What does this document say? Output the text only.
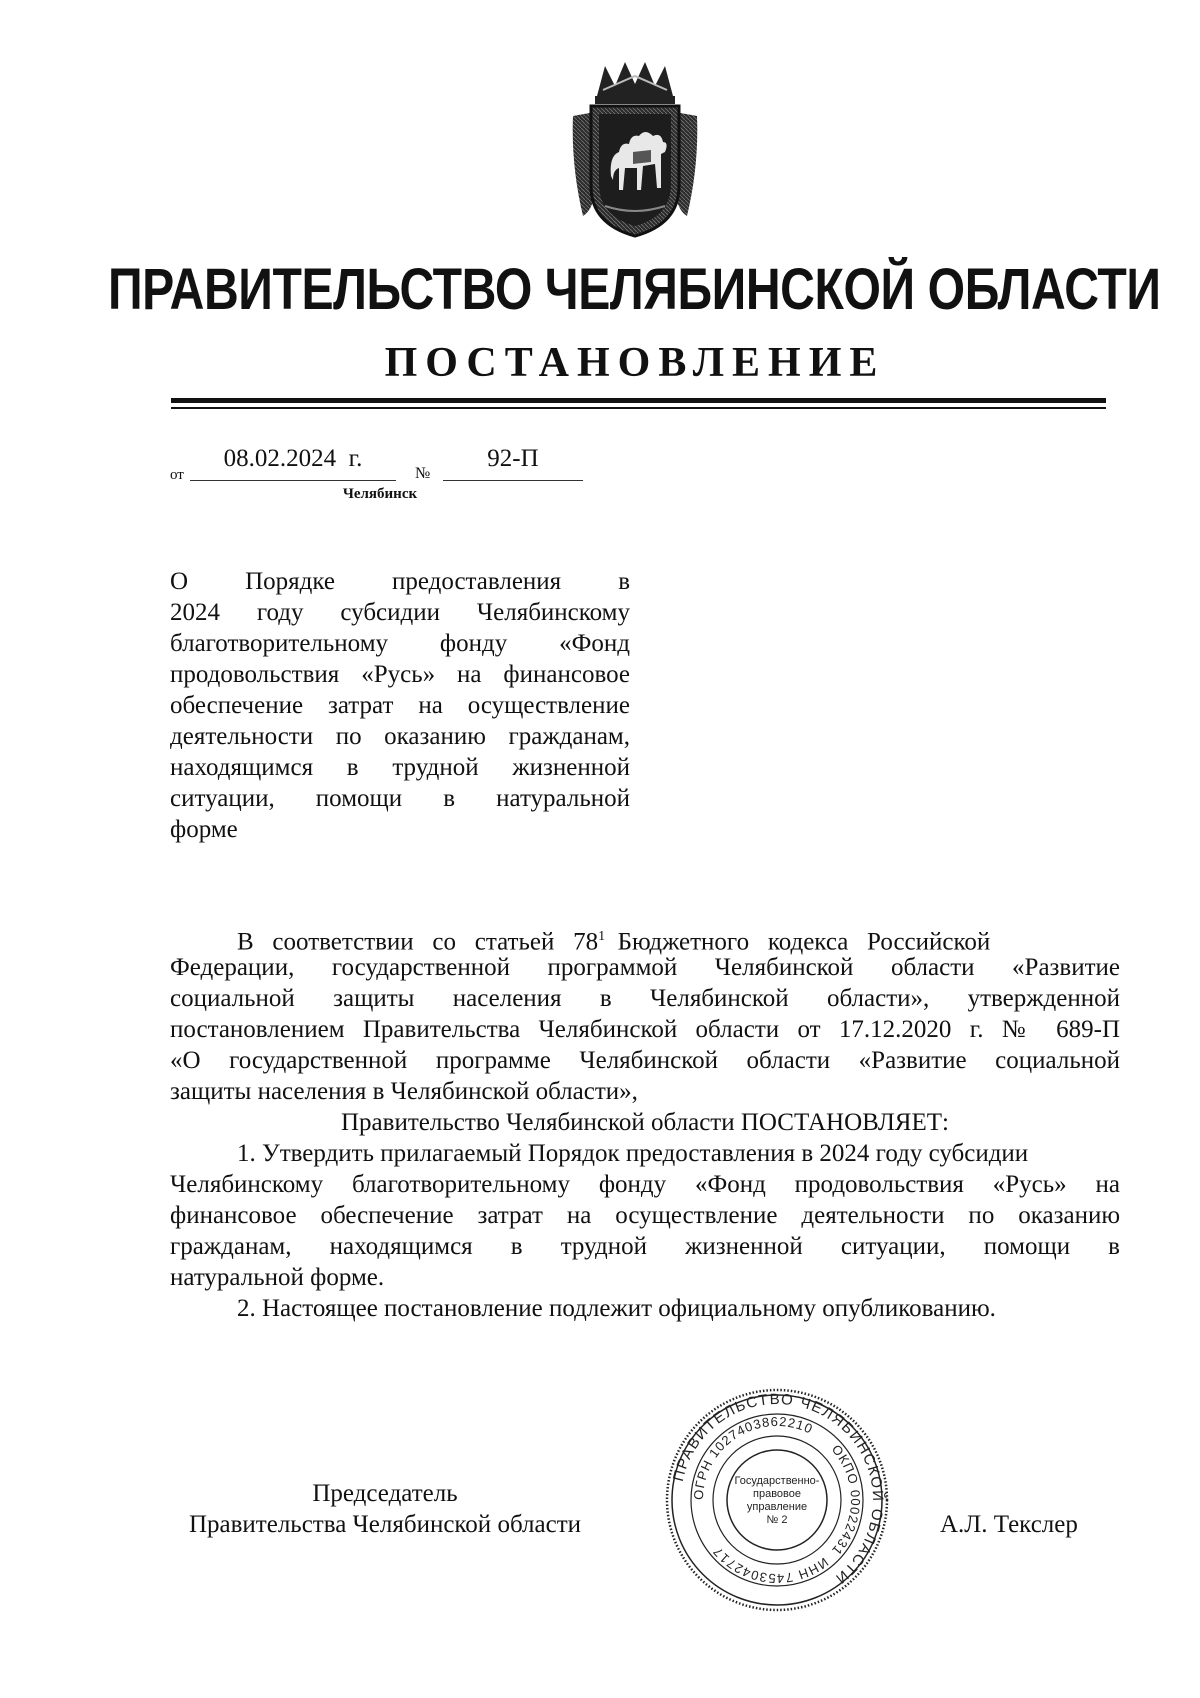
ПРАВИТЕЛЬСТВО ЧЕЛЯБИНСКОЙ ОБЛАСТИ
ПОСТАНОВЛЕНИЕ
от
08.02.2024  г.
№
92-П
Челябинск
О      Порядке      предоставления      в
2024  году  субсидии  Челябинскому
благотворительному      фонду      «Фонд
продовольствия «Русь» на финансовое
обеспечение затрат на осуществление
деятельности по оказанию гражданам,
находящимся   в   трудной   жизненной
ситуации,    помощи    в    натуральной
форме
В   соответствии   со   статьей   $78^1$  Бюджетного   кодекса   Российской
Федерации, государственной программой Челябинской области «Развитие
социальной   защиты   населения   в   Челябинской   области»,   утвержденной
постановлением Правительства Челябинской области от 17.12.2020 г. № 689-П
«О государственной программе Челябинской области «Развитие социальной
защиты населения в Челябинской области»,
Правительство Челябинской области ПОСТАНОВЛЯЕТ:
1. Утвердить прилагаемый Порядок предоставления в 2024 году субсидии
Челябинскому благотворительному фонду «Фонд продовольствия «Русь» на
финансовое обеспечение затрат на осуществление деятельности по оказанию
гражданам,   находящимся   в   трудной   жизненной   ситуации,   помощи   в
натуральной форме.
2. Настоящее постановление подлежит официальному опубликованию.
Председатель
Правительства Челябинской области	А.Л. Текслер
ПРАВИТЕЛЬСТВО ЧЕЛЯБИНСКОЙ ОБЛАСТИ
ОГРН 1027403862210
ОКПО 00022431
ИНН 7453042717
Государственно-
правовое
управление
№ 2
